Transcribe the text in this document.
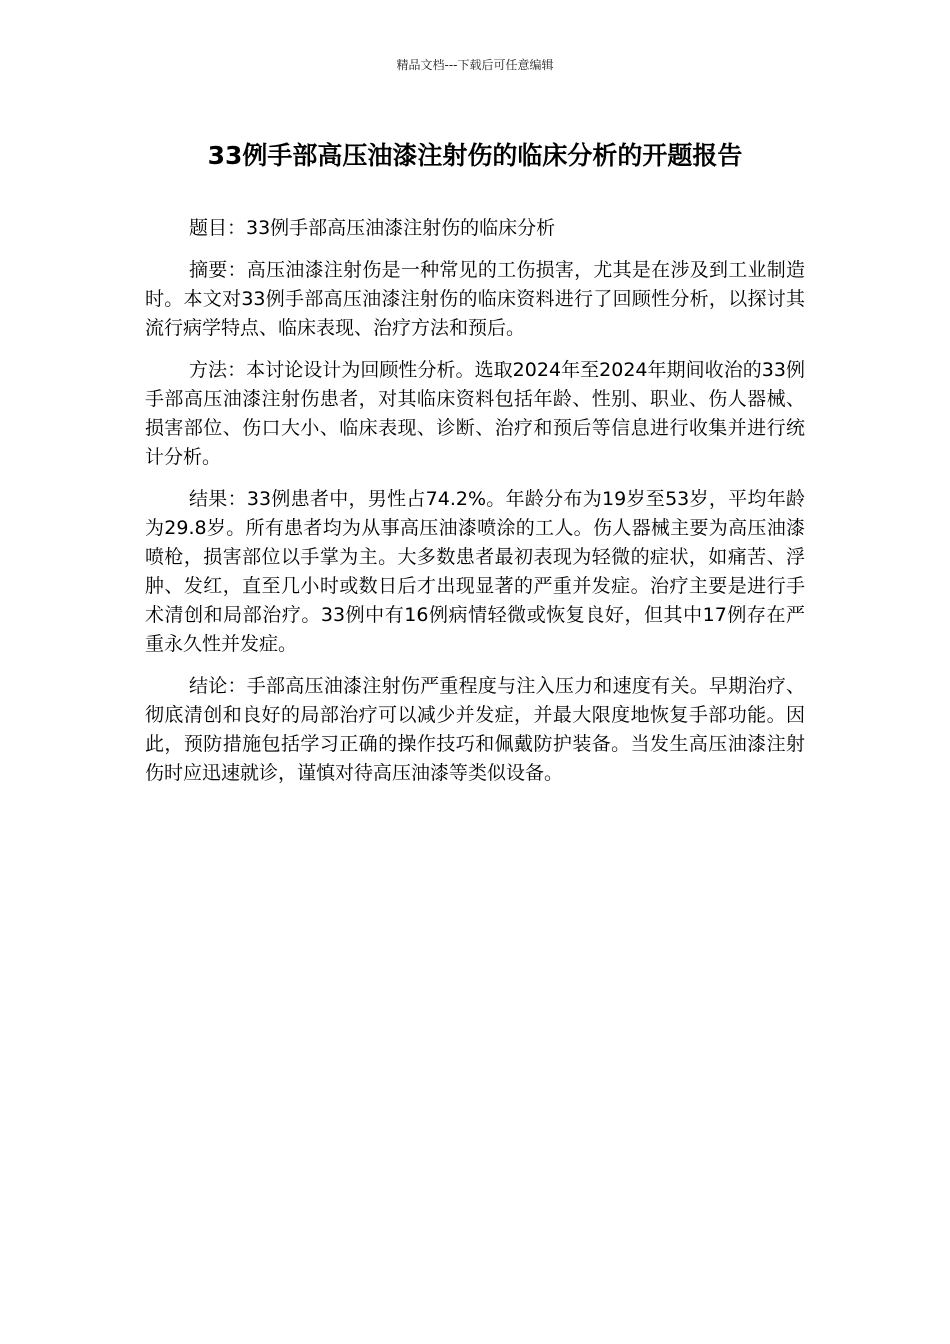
精品文档---下载后可任意编辑
33例手部高压油漆注射伤的临床分析的开题报告

题目：33例手部高压油漆注射伤的临床分析

摘要：高压油漆注射伤是一种常见的工伤损害，尤其是在涉及到工业制造时。本文对33例手部高压油漆注射伤的临床资料进行了回顾性分析，以探讨其流行病学特点、临床表现、治疗方法和预后。

方法：本讨论设计为回顾性分析。选取2024年至2024年期间收治的33例手部高压油漆注射伤患者，对其临床资料包括年龄、性别、职业、伤人器械、损害部位、伤口大小、临床表现、诊断、治疗和预后等信息进行收集并进行统计分析。

结果：33例患者中，男性占74.2%。年龄分布为19岁至53岁，平均年龄为29.8岁。所有患者均为从事高压油漆喷涂的工人。伤人器械主要为高压油漆喷枪，损害部位以手掌为主。大多数患者最初表现为轻微的症状，如痛苦、浮肿、发红，直至几小时或数日后才出现显著的严重并发症。治疗主要是进行手术清创和局部治疗。33例中有16例病情轻微或恢复良好，但其中17例存在严重永久性并发症。

结论：手部高压油漆注射伤严重程度与注入压力和速度有关。早期治疗、彻底清创和良好的局部治疗可以减少并发症，并最大限度地恢复手部功能。因此，预防措施包括学习正确的操作技巧和佩戴防护装备。当发生高压油漆注射伤时应迅速就诊，谨慎对待高压油漆等类似设备。
